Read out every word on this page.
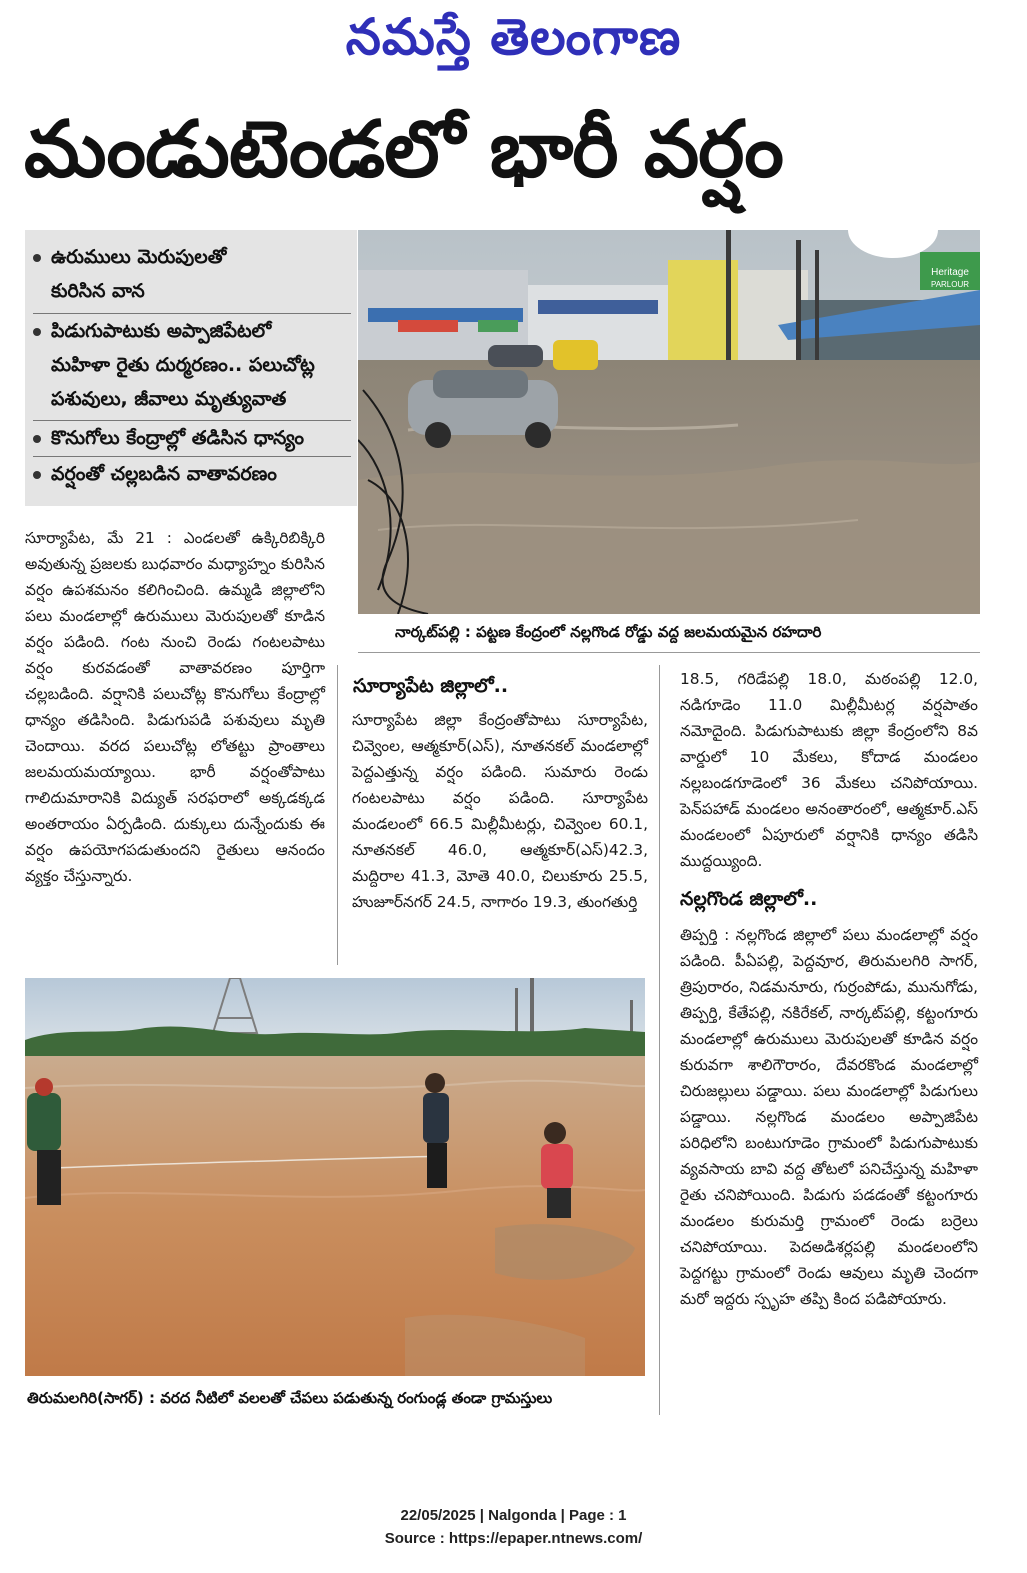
నమస్తే తెలంగాణ
మండుటెండలో భారీ వర్షం
ఉరుములు మెరుపులతో
కురిసిన వాన
పిడుగుపాటుకు అప్పాజిపేటలో
మహిళా రైతు దుర్మరణం.. పలుచోట్ల
పశువులు, జీవాలు మృత్యువాత
కొనుగోలు కేంద్రాల్లో తడిసిన ధాన్యం
వర్షంతో చల్లబడిన వాతావరణం
Heritage
PARLOUR
నార్కట్‌పల్లి : పట్టణ కేంద్రంలో నల్లగొండ రోడ్డు వద్ద జలమయమైన రహదారి
సూర్యాపేట, మే 21 : ఎండలతో ఉక్కిరిబిక్కిరి అవుతున్న ప్రజలకు బుధవారం మధ్యాహ్నం కురిసిన వర్షం ఉపశమనం కలిగించింది. ఉమ్మడి జిల్లాలోని పలు మండలాల్లో ఉరుములు మెరుపులతో కూడిన వర్షం పడింది. గంట నుంచి రెండు గంటలపాటు వర్షం కురవడంతో వాతావరణం పూర్తిగా చల్లబడింది. వర్షానికి పలుచోట్ల కొనుగోలు కేంద్రాల్లో ధాన్యం తడిసింది. పిడుగుపడి పశువులు మృతి చెందాయి. వరద పలుచోట్ల లోతట్టు ప్రాంతాలు జలమయమయ్యాయి. భారీ వర్షంతోపాటు గాలిదుమారానికి విద్యుత్ సరఫరాలో అక్కడక్కడ అంతరాయం ఏర్పడింది. దుక్కులు దున్నేందుకు ఈ వర్షం ఉపయోగపడుతుందని రైతులు ఆనందం వ్యక్తం చేస్తున్నారు.
సూర్యాపేట జిల్లాలో..
సూర్యాపేట జిల్లా కేంద్రంతోపాటు సూర్యాపేట, చివ్వెంల, ఆత్మకూర్(ఎస్), నూతనకల్ మండలాల్లో పెద్దఎత్తున్న వర్షం పడింది. సుమారు రెండు గంటలపాటు వర్షం పడింది. సూర్యాపేట మండలంలో 66.5 మిల్లీమీటర్లు, చివ్వెంల 60.1, నూతనకల్ 46.0, ఆత్మకూర్(ఎస్)42.3, మద్దిరాల 41.3, మోతె 40.0, చిలుకూరు 25.5, హుజూర్‌నగర్ 24.5, నాగారం 19.3, తుంగతుర్తి
18.5, గరిడేపల్లి 18.0, మఠంపల్లి 12.0, నడిగూడెం 11.0 మిల్లీమీటర్ల వర్షపాతం నమోదైంది. పిడుగుపాటుకు జిల్లా కేంద్రంలోని 8వ వార్డులో 10 మేకలు, కోదాడ మండలం నల్లబండగూడెంలో 36 మేకలు చనిపోయాయి. పెన్‌పహాడ్ మండలం అనంతారంలో, ఆత్మకూర్.ఎస్ మండలంలో ఏపూరులో వర్షానికి ధాన్యం తడిసి ముద్దయ్యింది.
నల్లగొండ జిల్లాలో..
తిప్పర్తి : నల్లగొండ జిల్లాలో పలు మండలాల్లో వర్షం పడింది. పీఏపల్లి, పెద్దవూర, తిరుమలగిరి సాగర్, త్రిపురారం, నిడమనూరు, గుర్రంపోడు, మునుగోడు, తిప్పర్తి, కేతేపల్లి, నకిరేకల్, నార్కట్‌పల్లి, కట్టంగూరు మండలాల్లో ఉరుములు మెరుపులతో కూడిన వర్షం కురువగా శాలిగౌరారం, దేవరకొండ మండలాల్లో చిరుజల్లులు పడ్డాయి. పలు మండలాల్లో పిడుగులు పడ్డాయి. నల్లగొండ మండలం అప్పాజిపేట పరిధిలోని బంటుగూడెం గ్రామంలో పిడుగుపాటుకు వ్యవసాయ బావి వద్ద తోటలో పనిచేస్తున్న మహిళా రైతు చనిపోయింది. పిడుగు పడడంతో కట్టంగూరు మండలం కురుమర్తి గ్రామంలో రెండు బర్రెలు చనిపోయాయి. పెదఅడిశర్లపల్లి మండలంలోని పెద్దగట్టు గ్రామంలో రెండు ఆవులు మృతి చెందగా మరో ఇద్దరు స్పృహ తప్పి కింద పడిపోయారు.
తిరుమలగిరి(సాగర్) : వరద నీటిలో వలలతో చేపలు పడుతున్న రంగుండ్ల తండా గ్రామస్తులు
22/05/2025 | Nalgonda | Page : 1
Source : https://epaper.ntnews.com/
